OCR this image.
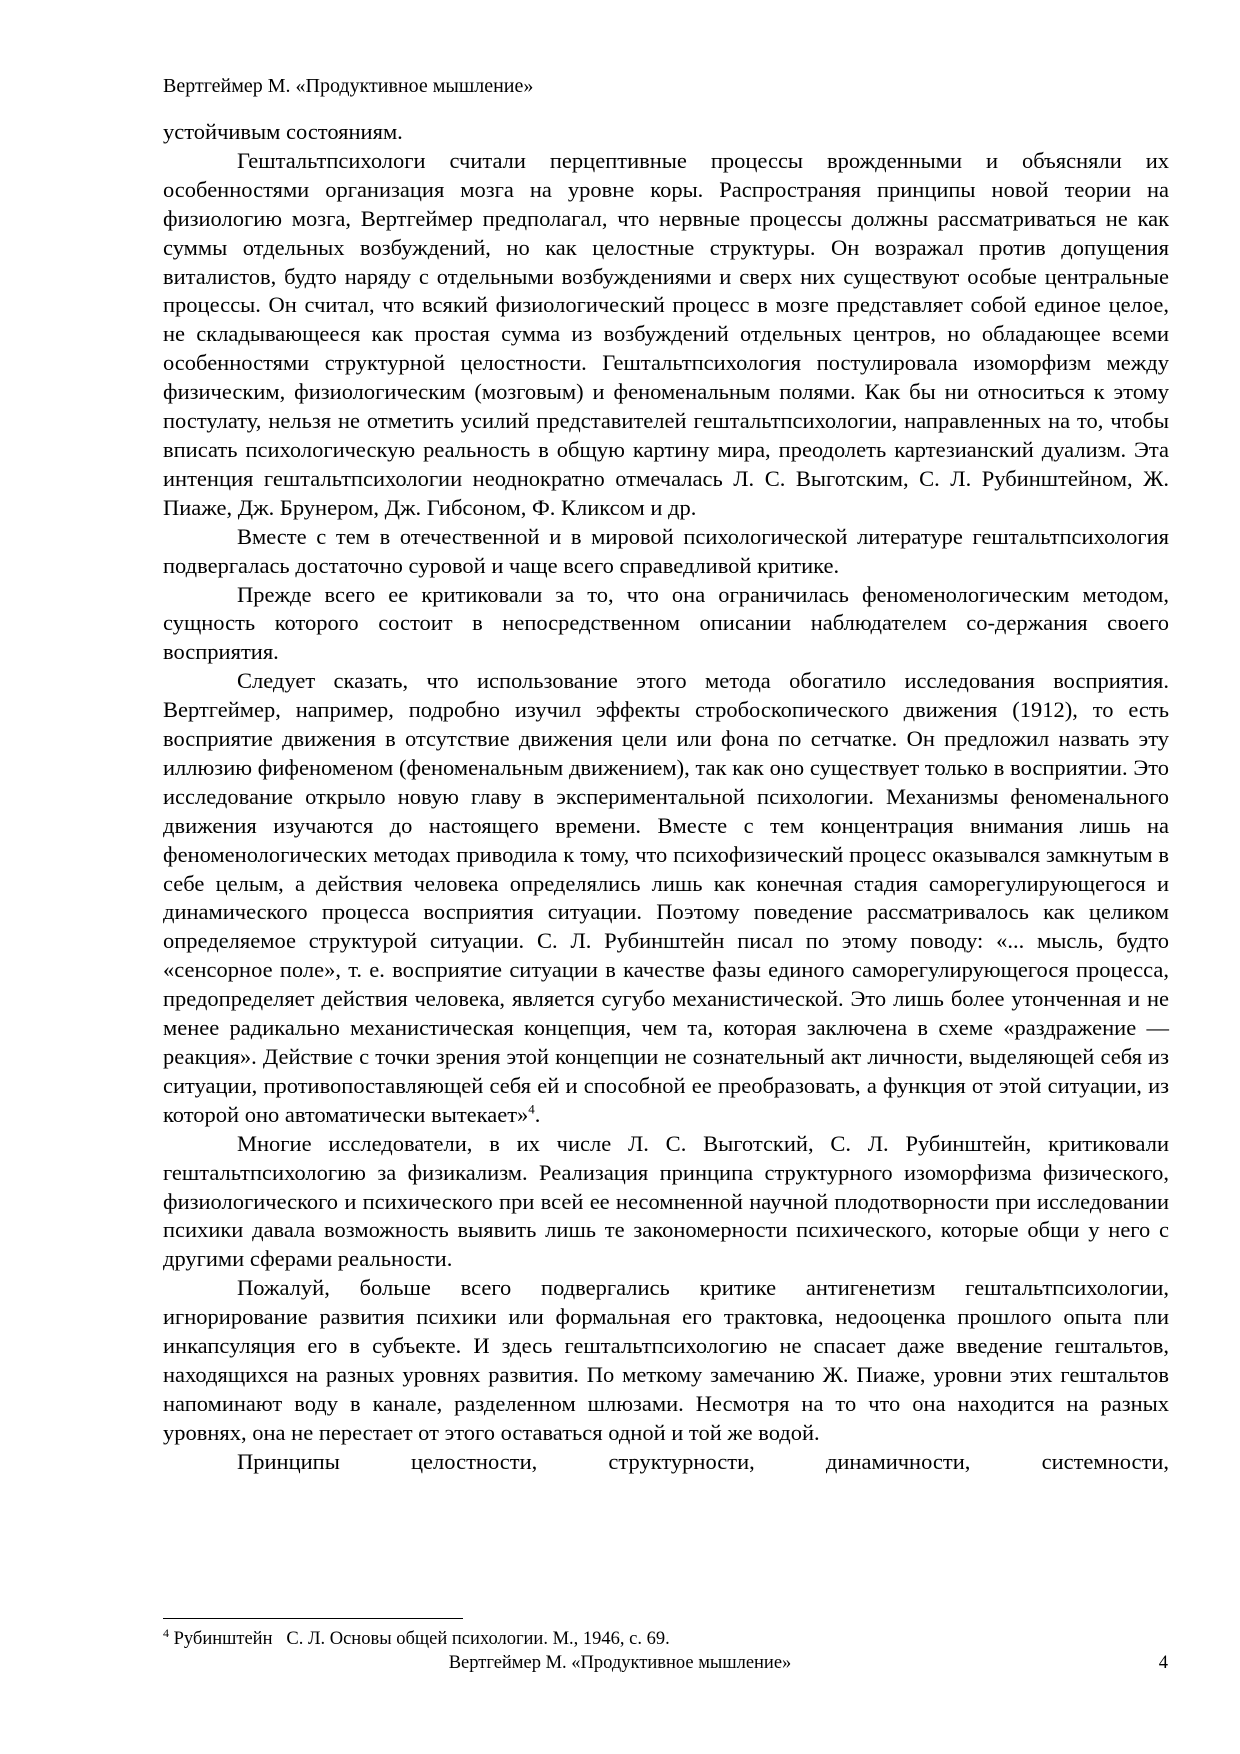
Вертгеймер М. «Продуктивное мышление»

устойчивым состояниям.

Гештальтпсихологи считали перцептивные процессы врожденными и объясняли их особенностями организация мозга на уровне коры. Распространяя принципы новой теории на физиологию мозга, Вертгеймер предполагал, что нервные процессы должны рассматриваться не как суммы отдельных возбуждений, но как целостные структуры. Он возражал против допущения виталистов, будто наряду с отдельными возбуждениями и сверх них существуют особые центральные процессы. Он считал, что всякий физиологический процесс в мозге представляет собой единое целое, не складывающееся как простая сумма из возбуждений отдельных центров, но обладающее всеми особенностями структурной целостности. Гештальтпсихология постулировала изоморфизм между физическим, физиологическим (мозговым) и феноменальным полями. Как бы ни относиться к этому постулату, нельзя не отметить усилий представителей гештальтпсихологии, направленных на то, чтобы вписать психологическую реальность в общую картину мира, преодолеть картезианский дуализм. Эта интенция гештальтпсихологии неоднократно отмечалась Л. С. Выготским, С. Л. Рубинштейном, Ж. Пиаже, Дж. Брунером, Дж. Гибсоном, Ф. Кликсом и др.

Вместе с тем в отечественной и в мировой психологической литературе гештальтпсихология подвергалась достаточно суровой и чаще всего справедливой критике.

Прежде всего ее критиковали за то, что она ограничилась феноменологическим методом, сущность которого состоит в непосредственном описании наблюдателем со-держания своего восприятия.

Следует сказать, что использование этого метода обогатило исследования восприятия. Вертгеймер, например, подробно изучил эффекты стробоскопического движения (1912), то есть восприятие движения в отсутствие движения цели или фона по сетчатке. Он предложил назвать эту иллюзию фифеноменом (феноменальным движением), так как оно существует только в восприятии. Это исследование открыло новую главу в экспериментальной психологии. Механизмы феноменального движения изучаются до настоящего времени. Вместе с тем концентрация внимания лишь на феноменологических методах приводила к тому, что психофизический процесс оказывался замкнутым в себе целым, а действия человека определялись лишь как конечная стадия саморегулирующегося и динамического процесса восприятия ситуации. Поэтому поведение рассматривалось как целиком определяемое структурой ситуации. С. Л. Рубинштейн писал по этому поводу: «... мысль, будто «сенсорное поле», т. е. восприятие ситуации в качестве фазы единого саморегулирующегося процесса, предопределяет действия человека, является сугубо механистической. Это лишь более утонченная и не менее радикально механистическая концепция, чем та, которая заключена в схеме «раздражение — реакция». Действие с точки зрения этой концепции не сознательный акт личности, выделяющей себя из ситуации, противопоставляющей себя ей и способной ее преобразовать, а функция от этой ситуации, из которой оно автоматически вытекает»$^4$.

Многие исследователи, в их числе Л. С. Выготский, С. Л. Рубинштейн, критиковали гештальтпсихологию за физикализм. Реализация принципа структурного изоморфизма физического, физиологического и психического при всей ее несомненной научной плодотворности при исследовании психики давала возможность выявить лишь те закономерности психического, которые общи у него с другими сферами реальности.

Пожалуй, больше всего подвергались критике антигенетизм гештальтпсихологии, игнорирование развития психики или формальная его трактовка, недооценка прошлого опыта пли инкапсуляция его в субъекте. И здесь гештальтпсихологию не спасает даже введение гештальтов, находящихся на разных уровнях развития. По меткому замечанию Ж. Пиаже, уровни этих гештальтов напоминают воду в канале, разделенном шлюзами. Несмотря на то что она находится на разных уровнях, она не перестает от этого оставаться одной и той же водой.

Принципы целостности, структурности, динамичности, системности,

$^4$ Рубинштейн   С. Л. Основы общей психологии. М., 1946, с. 69.
Вертгеймер М. «Продуктивное мышление»	4
